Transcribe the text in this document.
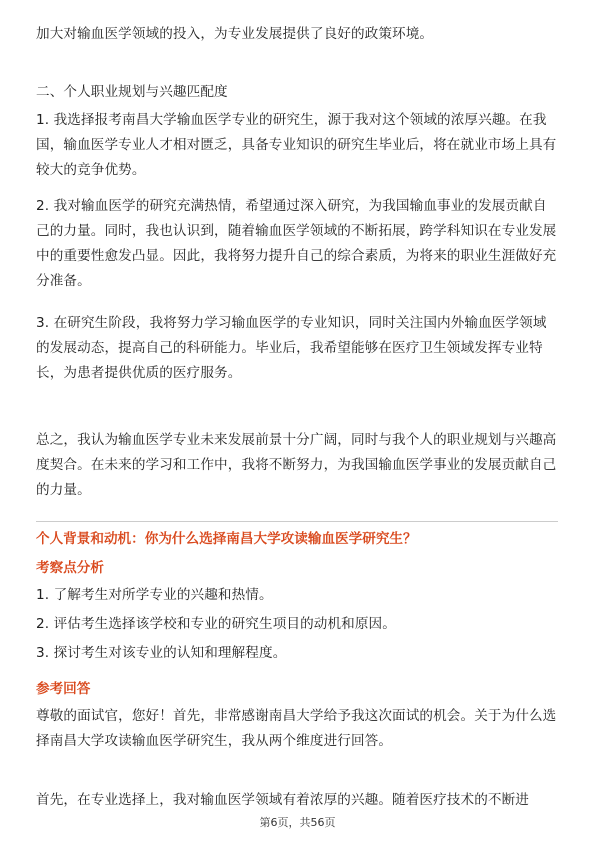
加大对输血医学领域的投入，为专业发展提供了良好的政策环境。

二、个人职业规划与兴趣匹配度

1. 我选择报考南昌大学输血医学专业的研究生，源于我对这个领域的浓厚兴趣。在我国，输血医学专业人才相对匮乏，具备专业知识的研究生毕业后，将在就业市场上具有较大的竞争优势。

2. 我对输血医学的研究充满热情，希望通过深入研究，为我国输血事业的发展贡献自己的力量。同时，我也认识到，随着输血医学领域的不断拓展，跨学科知识在专业发展中的重要性愈发凸显。因此，我将努力提升自己的综合素质，为将来的职业生涯做好充分准备。

3. 在研究生阶段，我将努力学习输血医学的专业知识，同时关注国内外输血医学领域的发展动态，提高自己的科研能力。毕业后，我希望能够在医疗卫生领域发挥专业特长，为患者提供优质的医疗服务。

总之，我认为输血医学专业未来发展前景十分广阔，同时与我个人的职业规划与兴趣高度契合。在未来的学习和工作中，我将不断努力，为我国输血医学事业的发展贡献自己的力量。

个人背景和动机：你为什么选择南昌大学攻读输血医学研究生？

考察点分析

1. 了解考生对所学专业的兴趣和热情。

2. 评估考生选择该学校和专业的研究生项目的动机和原因。

3. 探讨考生对该专业的认知和理解程度。

参考回答

尊敬的面试官，您好！首先，非常感谢南昌大学给予我这次面试的机会。关于为什么选择南昌大学攻读输血医学研究生，我从两个维度进行回答。

首先，在专业选择上，我对输血医学领域有着浓厚的兴趣。随着医疗技术的不断进

第6页，共56页
